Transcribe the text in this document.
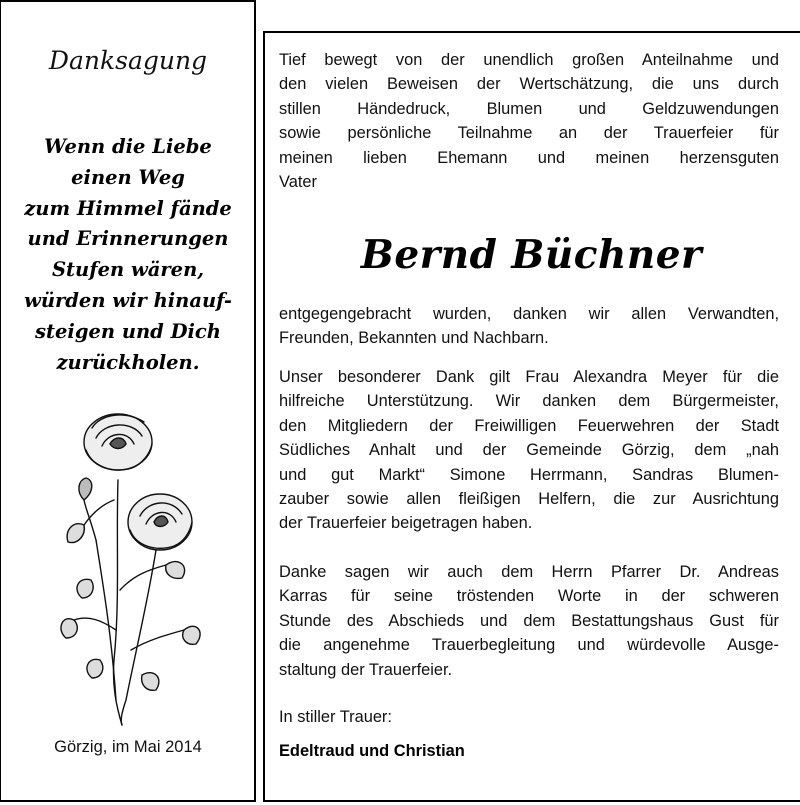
Danksagung
Wenn die Liebe
einen Weg
zum Himmel fände
und Erinnerungen
Stufen wären,
würden wir hinauf-
steigen und Dich
zurückholen.
Görzig, im Mai 2014
Tief bewegt von der unendlich großen Anteilnahme und
den vielen Beweisen der Wertschätzung, die uns durch
stillen Händedruck, Blumen und Geldzuwendungen
sowie persönliche Teilnahme an der Trauerfeier für
meinen lieben Ehemann und meinen herzensguten
Vater
Bernd Büchner
entgegengebracht wurden, danken wir allen Verwandten,
Freunden, Bekannten und Nachbarn.
Unser besonderer Dank gilt Frau Alexandra Meyer für die
hilfreiche Unterstützung. Wir danken dem Bürgermeister,
den Mitgliedern der Freiwilligen Feuerwehren der Stadt
Südliches Anhalt und der Gemeinde Görzig, dem „nah
und gut Markt“ Simone Herrmann, Sandras Blumen-
zauber sowie allen fleißigen Helfern, die zur Ausrichtung
der Trauerfeier beigetragen haben.
Danke sagen wir auch dem Herrn Pfarrer Dr. Andreas
Karras für seine tröstenden Worte in der schweren
Stunde des Abschieds und dem Bestattungshaus Gust für
die angenehme Trauerbegleitung und würdevolle Ausge-
staltung der Trauerfeier.
In stiller Trauer:
Edeltraud und Christian
